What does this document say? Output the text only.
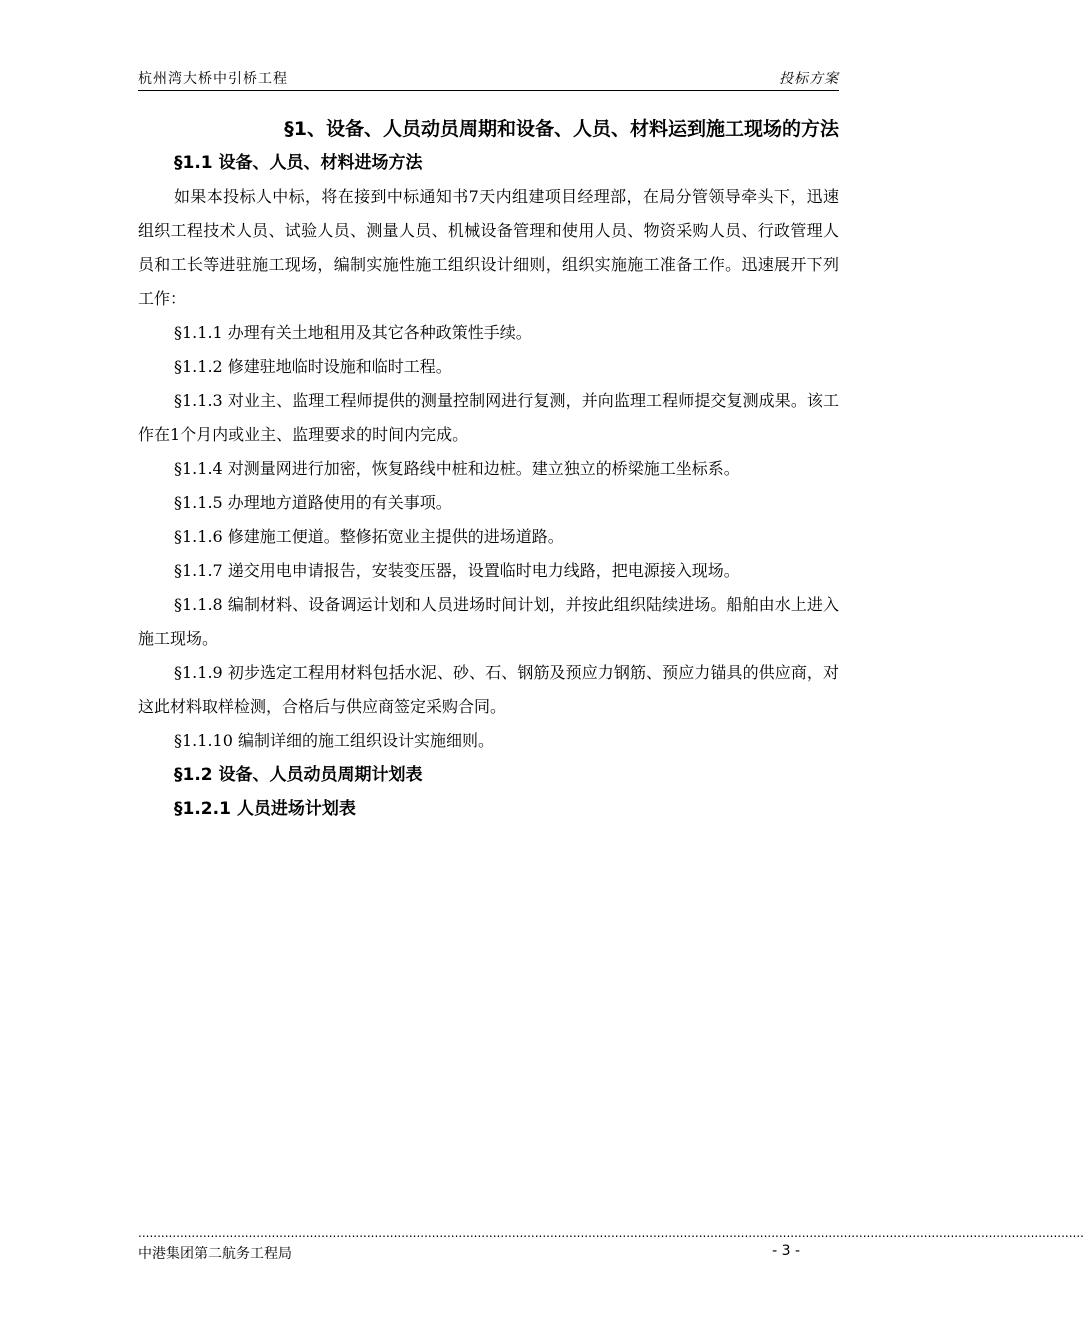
杭州湾大桥中引桥工程	投标方案
§1、设备、人员动员周期和设备、人员、材料运到施工现场的方法
§1.1 设备、人员、材料进场方法

如果本投标人中标，将在接到中标通知书7天内组建项目经理部，在局分管领导牵头下，迅速组织工程技术人员、试验人员、测量人员、机械设备管理和使用人员、物资采购人员、行政管理人员和工长等进驻施工现场，编制实施性施工组织设计细则，组织实施施工准备工作。迅速展开下列工作：

§1.1.1 办理有关土地租用及其它各种政策性手续。

§1.1.2 修建驻地临时设施和临时工程。

§1.1.3 对业主、监理工程师提供的测量控制网进行复测，并向监理工程师提交复测成果。该工作在1个月内或业主、监理要求的时间内完成。

§1.1.4 对测量网进行加密，恢复路线中桩和边桩。建立独立的桥梁施工坐标系。

§1.1.5 办理地方道路使用的有关事项。

§1.1.6 修建施工便道。整修拓宽业主提供的进场道路。

§1.1.7 递交用电申请报告，安装变压器，设置临时电力线路，把电源接入现场。

§1.1.8 编制材料、设备调运计划和人员进场时间计划，并按此组织陆续进场。船舶由水上进入施工现场。

§1.1.9 初步选定工程用材料包括水泥、砂、石、钢筋及预应力钢筋、预应力锚具的供应商，对这此材料取样检测，合格后与供应商签定采购合同。

§1.1.10 编制详细的施工组织设计实施细则。

§1.2 设备、人员动员周期计划表
§1.2.1 人员进场计划表
........................................................................................................................................................................................................................................................
中港集团第二航务工程局	- 3 -
